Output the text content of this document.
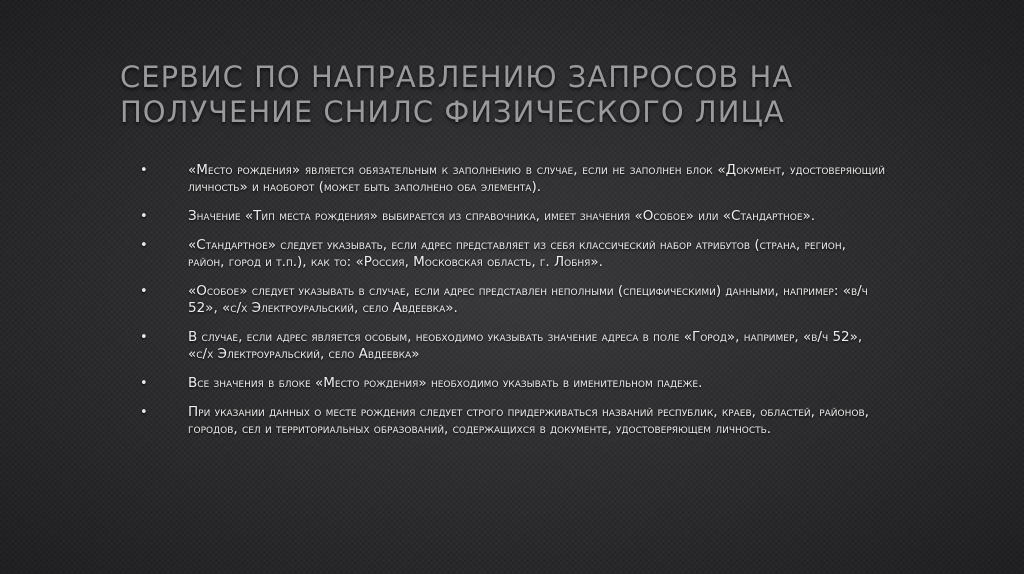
СЕРВИС ПО НАПРАВЛЕНИЮ ЗАПРОСОВ НА ПОЛУЧЕНИЕ СНИЛС ФИЗИЧЕСКОГО ЛИЦА
•	«Место рождения» является обязательным к заполнению в случае, если не заполнен блок «Документ, удостоверяющий личность» и наоборот (может быть заполнено оба элемента).
•	Значение «Тип места рождения» выбирается из справочника, имеет значения «Особое» или «Стандартное».
•	«Стандартное» следует указывать, если адрес представляет из себя классический набор атрибутов (страна, регион, район, город и т.п.), как то: «Россия, Московская область, г. Лобня».
•	«Особое» следует указывать в случае, если адрес представлен неполными (специфическими) данными, например: «в/ч 52», «с/х Электроуральский, село Авдеевка».
•	В случае, если адрес является особым, необходимо указывать значение адреса в поле «Город», например, «в/ч 52», «с/х Электроуральский, село Авдеевка»
•	Все значения в блоке «Место рождения» необходимо указывать в именительном падеже.
•	При указании данных о месте рождения следует строго придерживаться названий республик, краев, областей, районов, городов, сел и территориальных образований, содержащихся в документе, удостоверяющем личность.
